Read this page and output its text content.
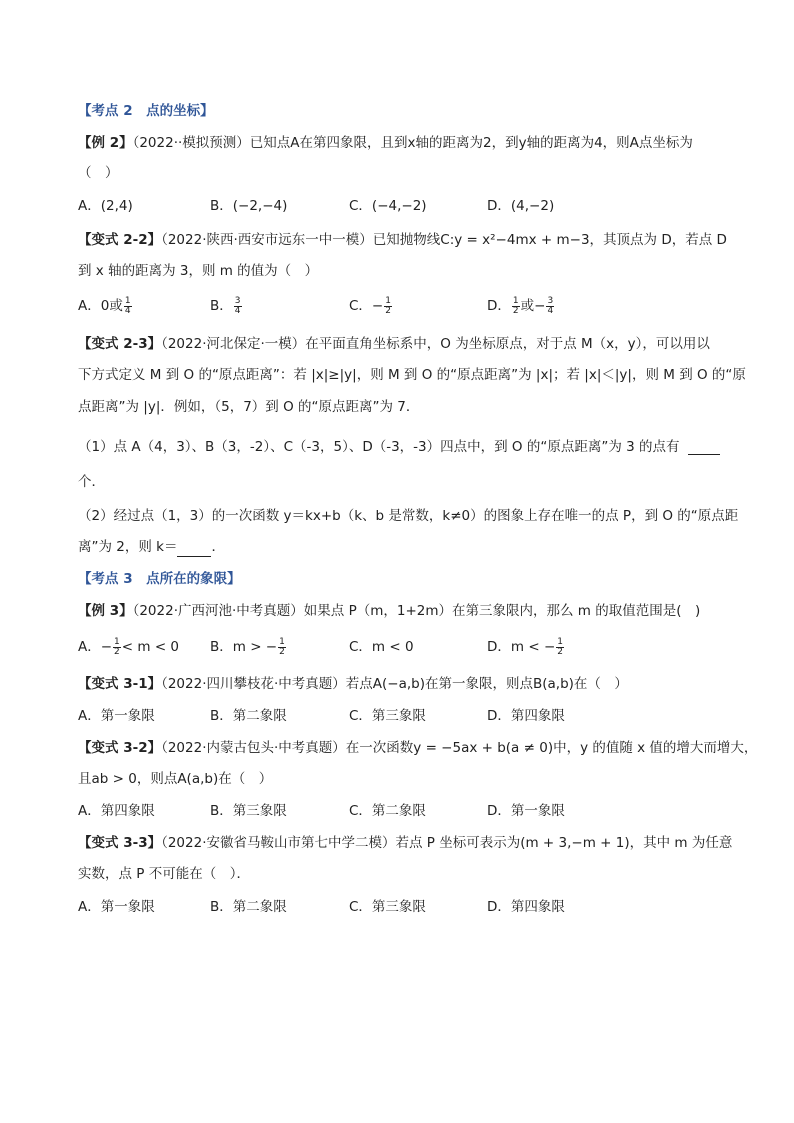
【考点 2　点的坐标】
【例 2】（2022··模拟预测）已知点A在第四象限，且到x轴的距离为2，到y轴的距离为4，则A点坐标为
（　）
A．(2,4)	B．(−2,−4)	C．(−4,−2)	D．(4,−2)
【变式 2-2】（2022·陕西·西安市远东一中一模）已知抛物线C:y = x²−4mx + m−3，其顶点为 D，若点 D
到 x 轴的距离为 3，则 m 的值为（　）
A．0或 $\frac{1}{4}$	B． $\frac{3}{4}$	C．− $\frac{1}{2}$	D． $\frac{1}{2}$ 或− $\frac{3}{4}$
【变式 2-3】（2022·河北保定·一模）在平面直角坐标系中，O 为坐标原点，对于点 M（x，y），可以用以
下方式定义 M 到 O 的“原点距离”：若 |x|≥|y|，则 M 到 O 的“原点距离”为 |x|；若 |x|＜|y|，则 M 到 O 的“原
点距离”为 |y|．例如，（5，7）到 O 的“原点距离”为 7．
（1）点 A（4，3）、B（3，-2）、C（-3，5）、D（-3，-3）四点中，到 O 的“原点距离”为 3 的点有
个．
（2）经过点（1，3）的一次函数 y＝kx+b（k、b 是常数，k≠0）的图象上存在唯一的点 P，到 O 的“原点距
离”为 2，则 k＝	．
【考点 3　点所在的象限】
【例 3】（2022·广西河池·中考真题）如果点 P（m，1+2m）在第三象限内，那么 m 的取值范围是(　)
A．− $\frac{1}{2} < m < 0$ B．m > − $\frac{1}{2}$	C．m < 0	D．m < − $\frac{1}{2}$
【变式 3-1】（2022·四川攀枝花·中考真题）若点A(−a,b)在第一象限，则点B(a,b)在（　）
A．第一象限	B．第二象限	C．第三象限	D．第四象限
【变式 3-2】（2022·内蒙古包头·中考真题）在一次函数y = −5ax + b(a ≠ 0)中，y 的值随 x 值的增大而增大，
且ab > 0，则点A(a,b)在（　）
A．第四象限	B．第三象限	C．第二象限	D．第一象限
【变式 3-3】（2022·安徽省马鞍山市第七中学二模）若点 P 坐标可表示为(m + 3,−m + 1)，其中 m 为任意
实数，点 P 不可能在（　）．
A．第一象限	B．第二象限	C．第三象限	D．第四象限
